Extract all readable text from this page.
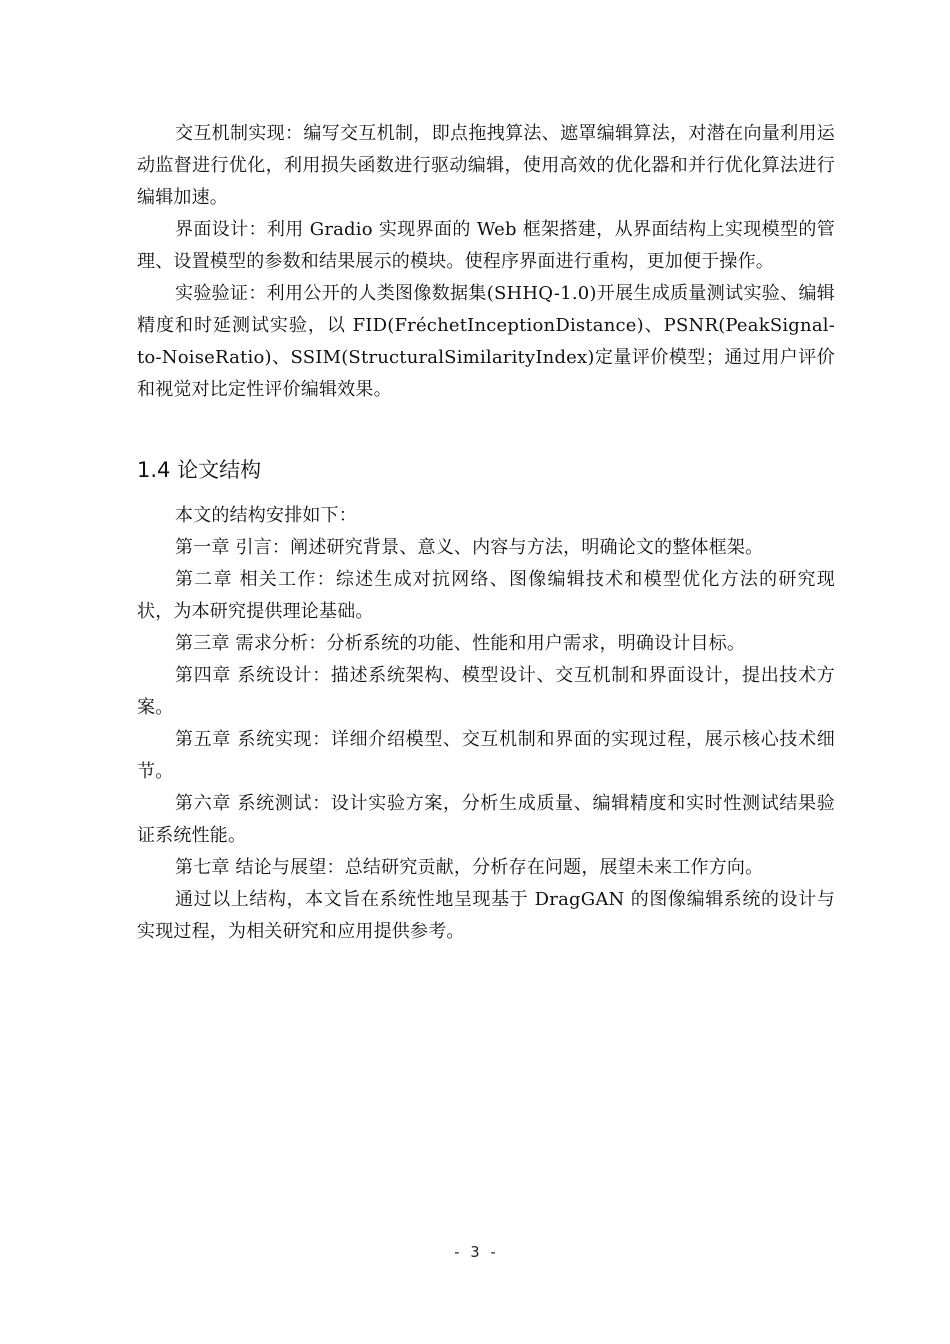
交互机制实现：编写交互机制，即点拖拽算法、遮罩编辑算法，对潜在向量利用运动监督进行优化，利用损失函数进行驱动编辑，使用高效的优化器和并行优化算法进行编辑加速。

界面设计：利用 Gradio 实现界面的 Web 框架搭建，从界面结构上实现模型的管理、设置模型的参数和结果展示的模块。使程序界面进行重构，更加便于操作。

实验验证：利用公开的人类图像数据集(SHHQ-1.0)开展生成质量测试实验、编辑精度和时延测试实验，以 FID(FréchetInceptionDistance)、PSNR(PeakSignal-to-NoiseRatio)、SSIM(StructuralSimilarityIndex)定量评价模型；通过用户评价和视觉对比定性评价编辑效果。

1.4 论文结构

本文的结构安排如下：

第一章 引言：阐述研究背景、意义、内容与方法，明确论文的整体框架。

第二章 相关工作：综述生成对抗网络、图像编辑技术和模型优化方法的研究现状，为本研究提供理论基础。

第三章 需求分析：分析系统的功能、性能和用户需求，明确设计目标。

第四章 系统设计：描述系统架构、模型设计、交互机制和界面设计，提出技术方案。

第五章 系统实现：详细介绍模型、交互机制和界面的实现过程，展示核心技术细节。

第六章 系统测试：设计实验方案，分析生成质量、编辑精度和实时性测试结果验证系统性能。

第七章 结论与展望：总结研究贡献，分析存在问题，展望未来工作方向。

通过以上结构，本文旨在系统性地呈现基于 DragGAN 的图像编辑系统的设计与实现过程，为相关研究和应用提供参考。

- 3 -
